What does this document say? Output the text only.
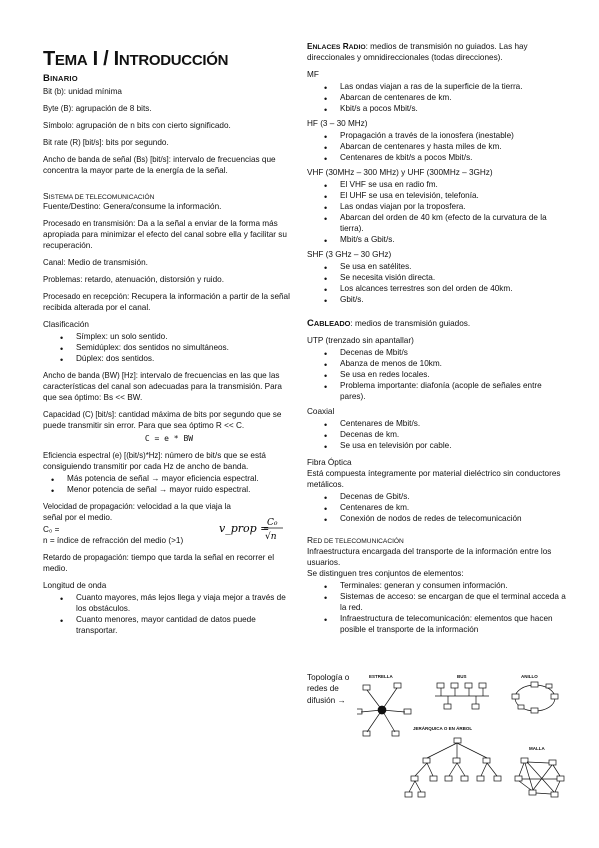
TEMA I / INTRODUCCIÓN
BINARIO

Bit (b): unidad mínima

Byte (B): agrupación de 8 bits.

Símbolo: agrupación de n bits con cierto significado.

Bit rate (R) [bit/s]: bits por segundo.

Ancho de banda de señal (Bs) [bit/s]: intervalo de frecuencias que concentra la mayor parte de la energía de la señal.

SISTEMA DE TELECOMUNICACIÓN

Fuente/Destino: Genera/consume la información.

Procesado en transmisión: Da a la señal a enviar de la forma más apropiada para minimizar el efecto del canal sobre ella y facilitar su recuperación.

Canal: Medio de transmisión.

Problemas: retardo, atenuación, distorsión y ruido.

Procesado en recepción: Recupera la información a partir de la señal recibida alterada por el canal.

Clasificación

• Símplex: un solo sentido.
• Semidúplex: dos sentidos no simultáneos.
• Dúplex: dos sentidos.

Ancho de banda (BW) [Hz]: intervalo de frecuencias en las que las características del canal son adecuadas para la transmisión. Para que sea óptimo: Bs << BW.

Capacidad (C) [bit/s]: cantidad máxima de bits por segundo que se puede transmitir sin error. Para que sea óptimo R << C.

C = e * BW

Eficiencia espectral (e) [(bit/s)*Hz]: número de bit/s que se está consiguiendo transmitir por cada Hz de ancho de banda.

• Más potencia de señal → mayor eficiencia espectral.
• Menor potencia de señal → mayor ruido espectral.

Velocidad de propagación: velocidad a la que viaja la señal por el medio.

C₀ =

n = índice de refracción del medio (>1)

v_prop =
C₀
√n

Retardo de propagación: tiempo que tarda la señal en recorrer el medio.

Longitud de onda

• Cuanto mayores, más lejos llega y viaja mejor a través de los obstáculos.
• Cuanto menores, mayor cantidad de datos puede transportar.

ENLACES RADIO: medios de transmisión no guiados. Las hay direccionales y omnidireccionales (todas direcciones).

MF

• Las ondas viajan a ras de la superficie de la tierra.
• Abarcan de centenares de km.
• Kbit/s a pocos Mbit/s.

HF (3 – 30 MHz)

• Propagación a través de la ionosfera (inestable)
• Abarcan de centenares y hasta miles de km.
• Centenares de kbit/s a pocos Mbit/s.

VHF (30MHz – 300 MHz) y UHF (300MHz – 3GHz)

• El VHF se usa en radio fm.
• El UHF se usa en televisión, telefonía.
• Las ondas viajan por la troposfera.
• Abarcan del orden de 40 km (efecto de la curvatura de la tierra).
• Mbit/s a Gbit/s.

SHF (3 GHz – 30 GHz)

• Se usa en satélites.
• Se necesita visión directa.
• Los alcances terrestres son del orden de 40km.
• Gbit/s.

CABLEADO: medios de transmisión guiados.

UTP (trenzado sin apantallar)

• Decenas de Mbit/s
• Abanza de menos de 10km.
• Se usa en redes locales.
• Problema importante: diafonía (acople de señales entre pares).

Coaxial

• Centenares de Mbit/s.
• Decenas de km.
• Se usa en televisión por cable.

Fibra Óptica

Está compuesta íntegramente por material dieléctrico sin conductores metálicos.

• Decenas de Gbit/s.
• Centenares de km.
• Conexión de nodos de redes de telecomunicación
RED DE TELECOMUNICACIÓN

Infraestructura encargada del transporte de la información entre los usuarios.

Se distinguen tres conjuntos de elementos:

• Terminales: generan y consumen información.
• Sistemas de acceso: se encargan de que el terminal acceda a la red.
• Infraestructura de telecomunicación: elementos que hacen posible el transporte de la información
Topología o redes de difusión →
ESTRELLA	BUS	ANILLO
JERÁRQUICA O EN ÁRBOL
MALLA
